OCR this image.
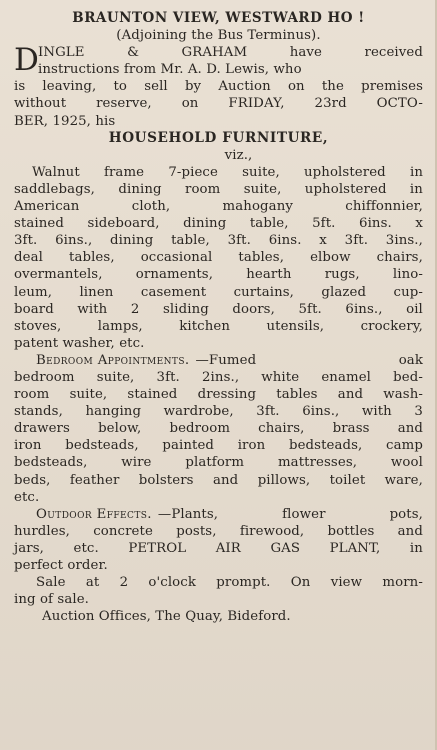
BRAUNTON VIEW, WESTWARD HO !
(Adjoining the Bus Terminus).
D INGLE	&	GRAHAM	have	received
instructions from Mr. A. D. Lewis, who
is leaving, to sell by Auction on the premises
without reserve, on FRIDAY, 23rd OCTO-
BER, 1925, his
HOUSEHOLD FURNITURE,
viz.,
Walnut frame 7-piece suite, upholstered in
saddlebags, dining room suite, upholstered in
American	cloth,	mahogany	chiffonnier,
stained sideboard, dining table, 5ft. 6ins. x
3ft. 6ins., dining table, 3ft. 6ins. x 3ft. 3ins.,
deal tables, occasional tables, elbow chairs,
overmantels, ornaments, hearth rugs, lino-
leum, linen casement curtains, glazed cup-
board with 2 sliding doors, 5ft. 6ins., oil
stoves,	lamps,	kitchen	utensils,	crockery,
patent washer, etc.
Bedroom Appointments. —Fumed	oak
bedroom suite, 3ft. 2ins., white enamel bed-
room suite, stained dressing tables and wash-
stands, hanging wardrobe, 3ft. 6ins., with 3
drawers below, bedroom chairs, brass and
iron bedsteads, painted iron bedsteads, camp
bedsteads,	wire	platform	mattresses,	wool
beds, feather bolsters and pillows, toilet ware,
etc.
Outdoor Effects. —Plants,	flower	pots,
hurdles, concrete posts, firewood, bottles and
jars, etc. PETROL AIR GAS PLANT, in
perfect order.
Sale at 2 o'clock prompt. On view morn-
ing of sale.
Auction Offices, The Quay, Bideford.
